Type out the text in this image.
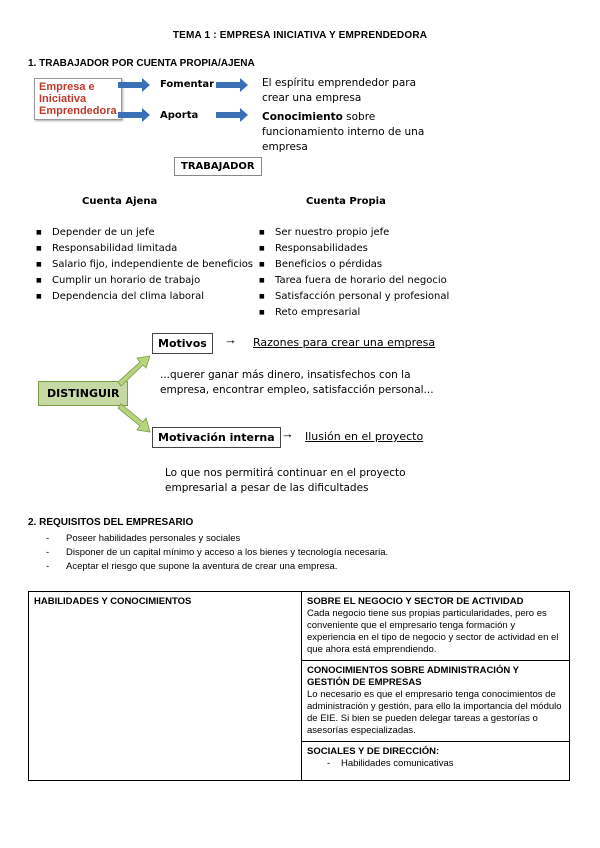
TEMA 1 : EMPRESA INICIATIVA Y EMPRENDEDORA
1. TRABAJADOR POR CUENTA PROPIA/AJENA
Empresa e Iniciativa Emprendedora
Fomentar
Aporta
El espíritu emprendedor para crear una empresa
Conocimiento sobre funcionamiento interno de una empresa
TRABAJADOR
Cuenta Ajena	Cuenta Propia
■ Depender de un jefe
■ Responsabilidad limitada
■ Salario fijo, independiente de beneficios
■ Cumplir un horario de trabajo
■ Dependencia del clima laboral
■ Ser nuestro propio jefe
■ Responsabilidades
■ Beneficios o pérdidas
■ Tarea fuera de horario del negocio
■ Satisfacción personal y profesional
■ Reto empresarial
DISTINGUIR
Motivos	→ Razones para crear una empresa
...querer ganar más dinero, insatisfechos con la empresa, encontrar empleo, satisfacción personal...
Motivación interna → Ilusión en el proyecto
Lo que nos permitirá continuar en el proyecto empresarial a pesar de las dificultades
2. REQUISITOS DEL EMPRESARIO
- Poseer habilidades personales y sociales
- Disponer de un capital mínimo y acceso a los bienes y tecnología necesaria.
- Aceptar el riesgo que supone la aventura de crear una empresa.
HABILIDADES Y CONOCIMIENTOS	SOBRE EL NEGOCIO Y SECTOR DE ACTIVIDAD
Cada negocio tiene sus propias particularidades, pero es conveniente que el empresario tenga formación y experiencia en el tipo de negocio y sector de actividad en el que ahora está emprendiendo.

CONOCIMIENTOS SOBRE ADMINISTRACIÓN Y GESTIÓN DE EMPRESAS
Lo necesario es que el empresario tenga conocimientos de administración y gestión, para ello la importancia del módulo de EIE. Si bien se pueden delegar tareas a gestorías o asesorías especializadas.

SOCIALES Y DE DIRECCIÓN:
- Habilidades comunicativas
